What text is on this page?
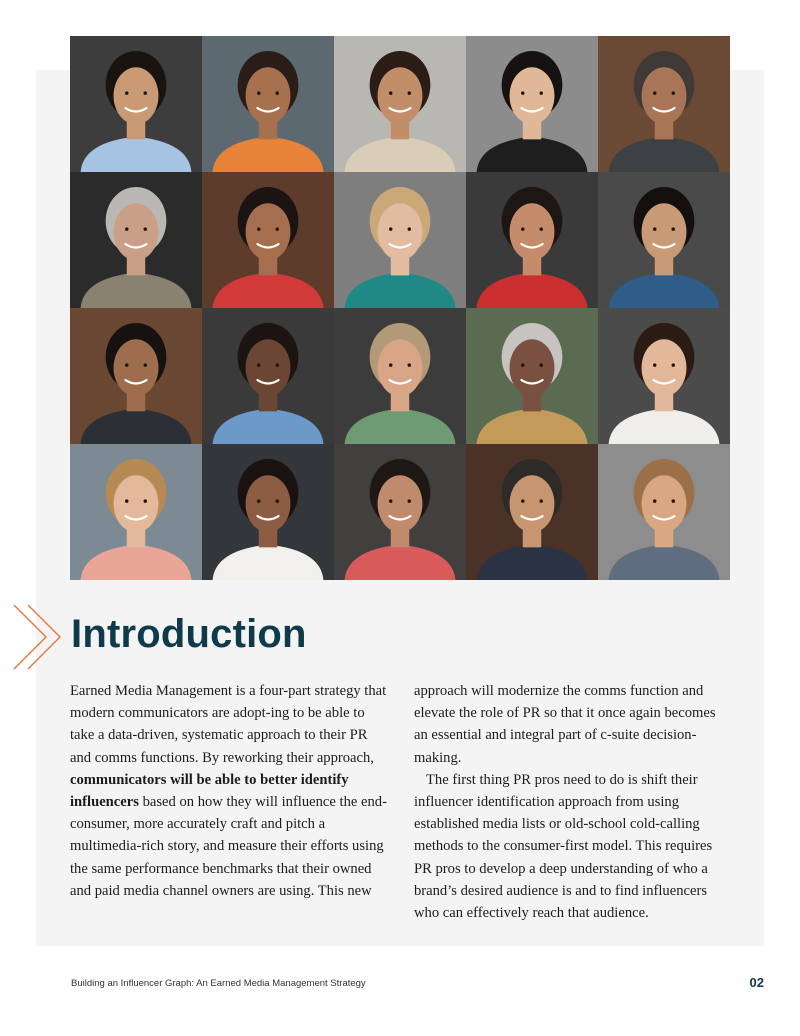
Introduction

Earned Media Management is a four-part strategy that modern communicators are adopt-ing to be able to take a data-driven, systematic approach to their PR and comms functions. By reworking their approach, communicators will be able to better identify influencers based on how they will influence the end-consumer, more accurately craft and pitch a multimedia-rich story, and measure their efforts using the same performance benchmarks that their owned and paid media channel owners are using. This new

approach will modernize the comms function and elevate the role of PR so that it once again becomes an essential and integral part of c-suite decision-making.

The first thing PR pros need to do is shift their influencer identification approach from using established media lists or old-school cold-calling methods to the consumer-first model. This requires PR pros to develop a deep understanding of who a brand’s desired audience is and to find influencers who can effectively reach that audience.

Building an Influencer Graph: An Earned Media Management Strategy	02
